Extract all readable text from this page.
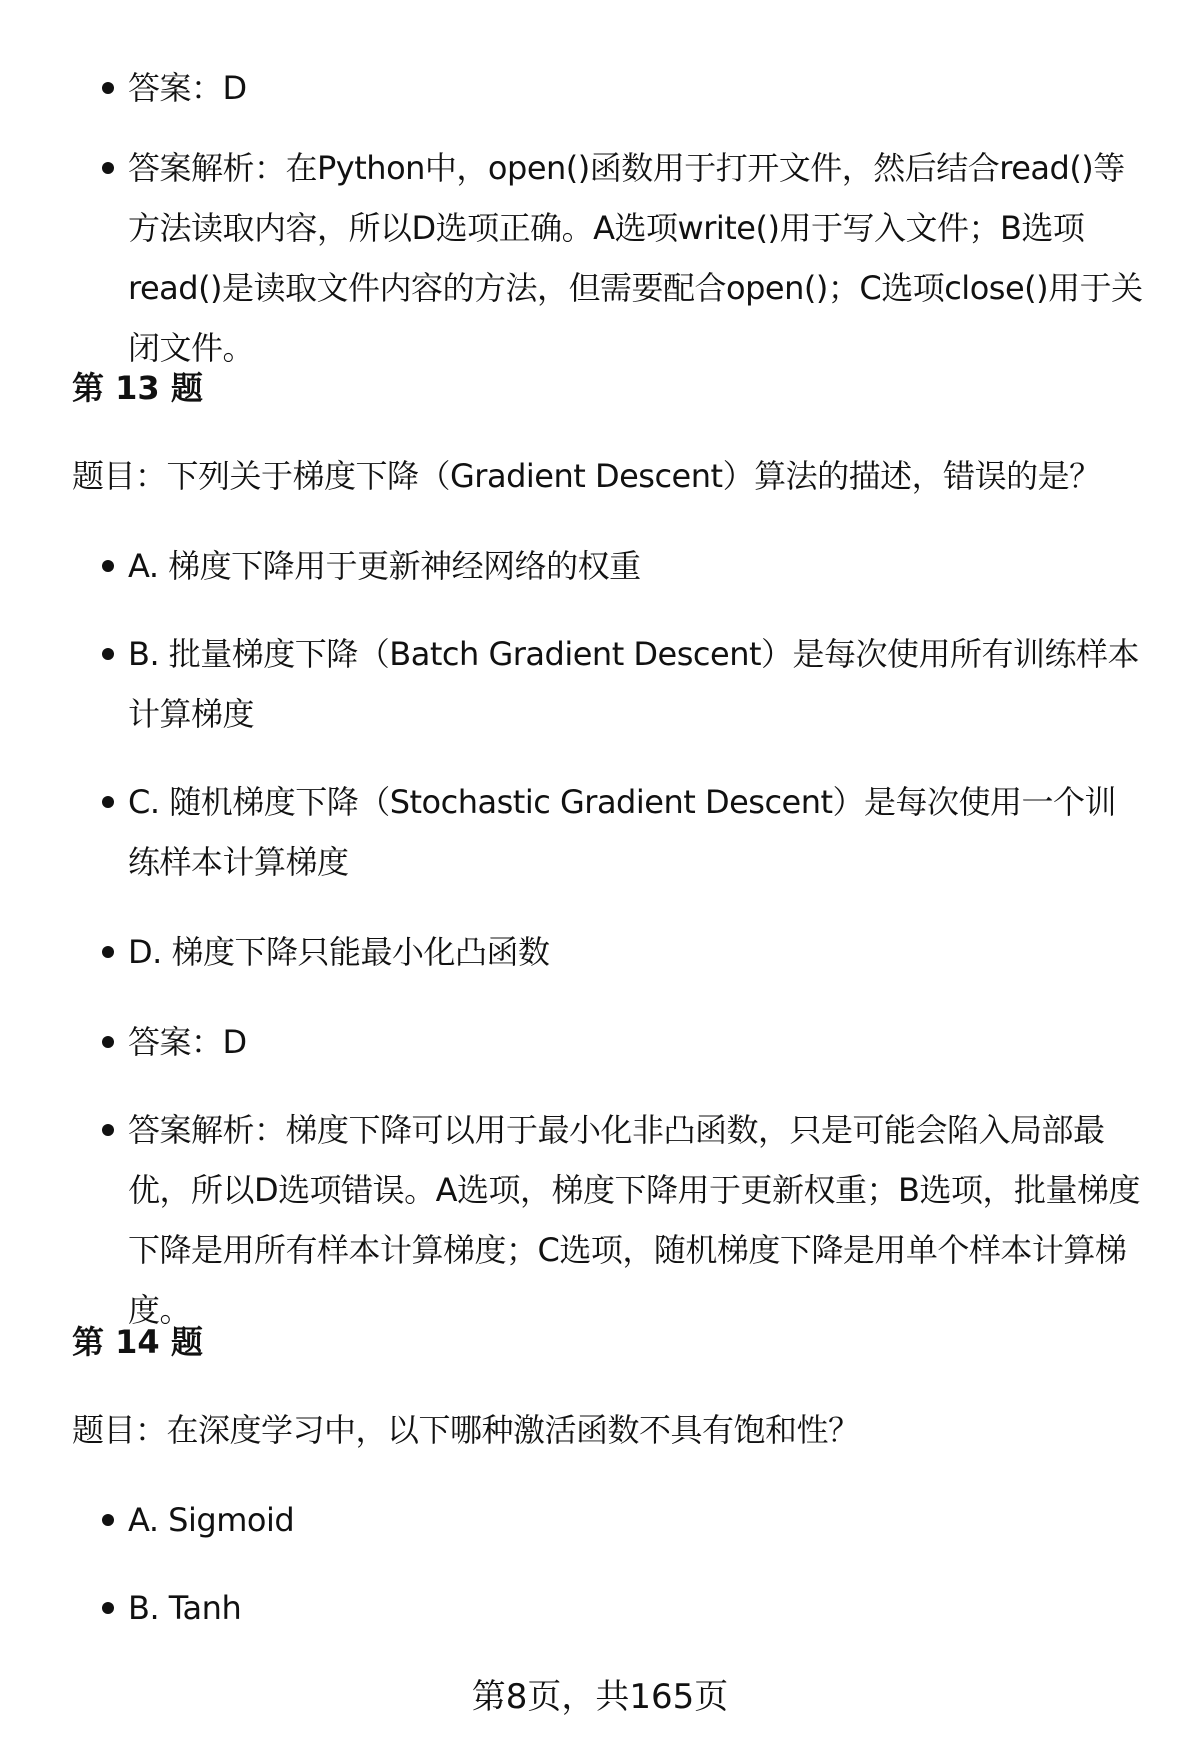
答案：D
答案解析：在Python中，open()函数用于打开文件，然后结合read()等方法读取内容，所以D选项正确。A选项write()用于写入文件；B选项read()是读取文件内容的方法，但需要配合open()；C选项close()用于关闭文件。
第 13 题
题目：下列关于梯度下降（Gradient Descent）算法的描述，错误的是？
A. 梯度下降用于更新神经网络的权重
B. 批量梯度下降（Batch Gradient Descent）是每次使用所有训练样本计算梯度
C. 随机梯度下降（Stochastic Gradient Descent）是每次使用一个训练样本计算梯度
D. 梯度下降只能最小化凸函数
答案：D
答案解析：梯度下降可以用于最小化非凸函数，只是可能会陷入局部最优，所以D选项错误。A选项，梯度下降用于更新权重；B选项，批量梯度下降是用所有样本计算梯度；C选项，随机梯度下降是用单个样本计算梯度。
第 14 题
题目：在深度学习中，以下哪种激活函数不具有饱和性？
A. Sigmoid
B. Tanh
第8页，共165页
